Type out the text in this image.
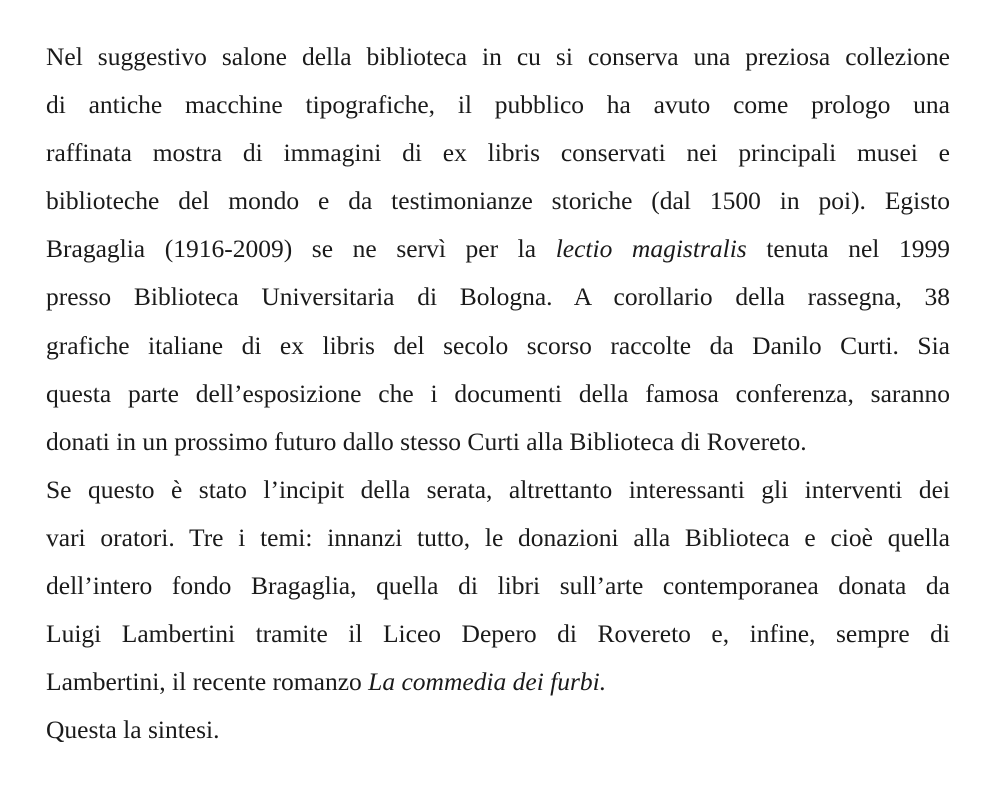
Nel suggestivo salone della biblioteca in cu si conserva una preziosa collezione
di antiche macchine tipografiche, il pubblico ha avuto come prologo una
raffinata mostra di immagini di ex libris conservati nei principali musei e
biblioteche del mondo e da testimonianze storiche (dal 1500 in poi). Egisto
Bragaglia (1916-2009) se ne servì per la lectio magistralis tenuta nel 1999
presso Biblioteca Universitaria di Bologna. A corollario della rassegna, 38
grafiche italiane di ex libris del secolo scorso raccolte da Danilo Curti. Sia
questa parte dell’esposizione che i documenti della famosa conferenza, saranno
donati in un prossimo futuro dallo stesso Curti alla Biblioteca di Rovereto.
Se questo è stato l’incipit della serata, altrettanto interessanti gli interventi dei
vari oratori. Tre i temi: innanzi tutto, le donazioni alla Biblioteca e cioè quella
dell’intero fondo Bragaglia, quella di libri sull’arte contemporanea donata da
Luigi Lambertini tramite il Liceo Depero di Rovereto e, infine, sempre di
Lambertini, il recente romanzo La commedia dei furbi.
Questa la sintesi.
